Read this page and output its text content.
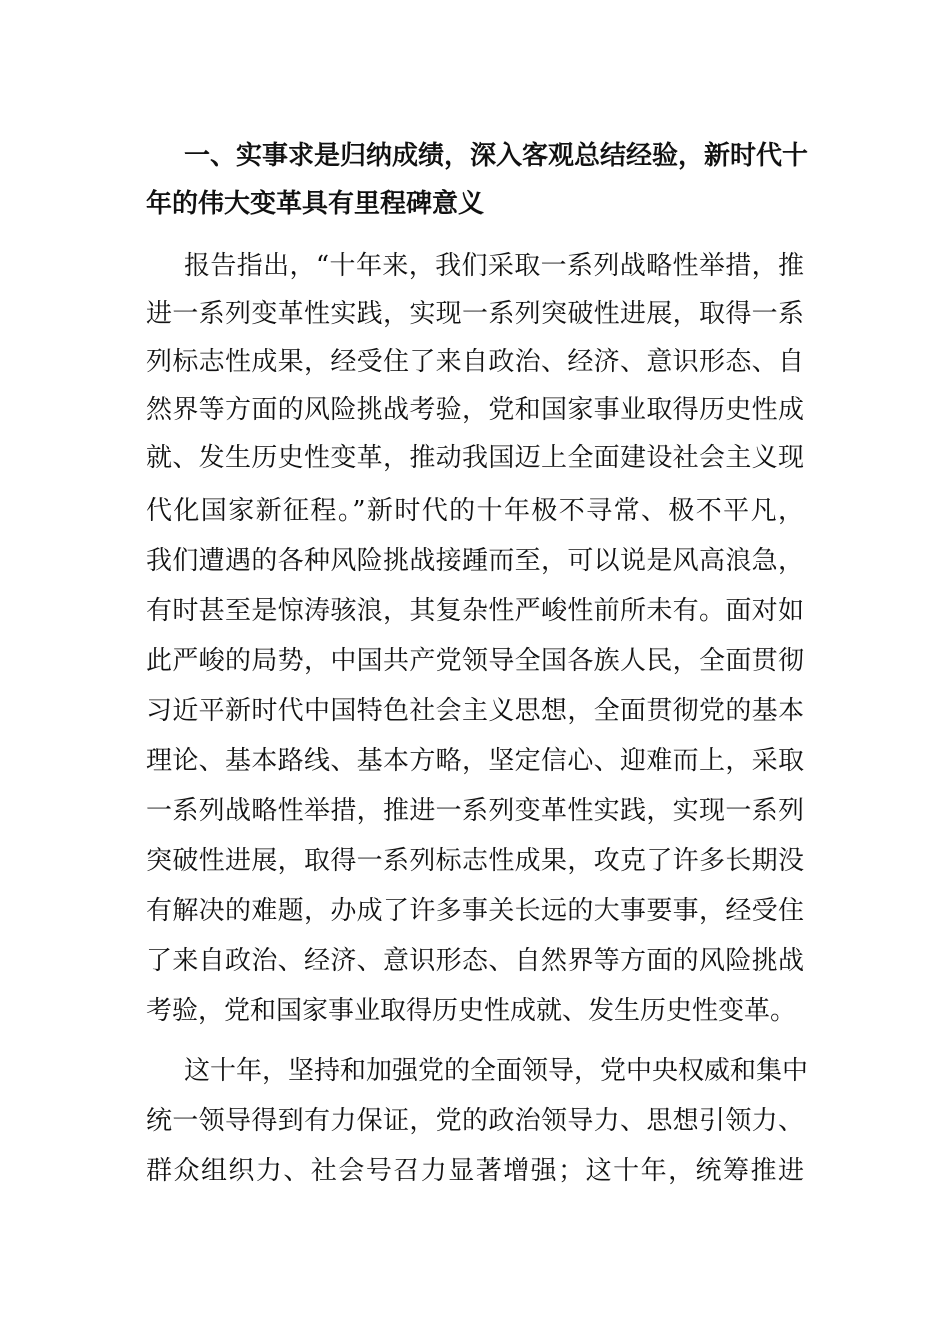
一、实事求是归纳成绩，深入客观总结经验，新时代十
年的伟大变革具有里程碑意义
报告指出，“十年来，我们采取一系列战略性举措，推
进一系列变革性实践，实现一系列突破性进展，取得一系
列标志性成果，经受住了来自政治、经济、意识形态、自
然界等方面的风险挑战考验，党和国家事业取得历史性成
就、发生历史性变革，推动我国迈上全面建设社会主义现
代化国家新征程。”新时代的十年极不寻常、极不平凡，
我们遭遇的各种风险挑战接踵而至，可以说是风高浪急，
有时甚至是惊涛骇浪，其复杂性严峻性前所未有。面对如
此严峻的局势，中国共产党领导全国各族人民，全面贯彻
习近平新时代中国特色社会主义思想，全面贯彻党的基本
理论、基本路线、基本方略，坚定信心、迎难而上，采取
一系列战略性举措，推进一系列变革性实践，实现一系列
突破性进展，取得一系列标志性成果，攻克了许多长期没
有解决的难题，办成了许多事关长远的大事要事，经受住
了来自政治、经济、意识形态、自然界等方面的风险挑战
考验，党和国家事业取得历史性成就、发生历史性变革。
这十年，坚持和加强党的全面领导，党中央权威和集中
统一领导得到有力保证，党的政治领导力、思想引领力、
群众组织力、社会号召力显著增强；这十年，统筹推进
